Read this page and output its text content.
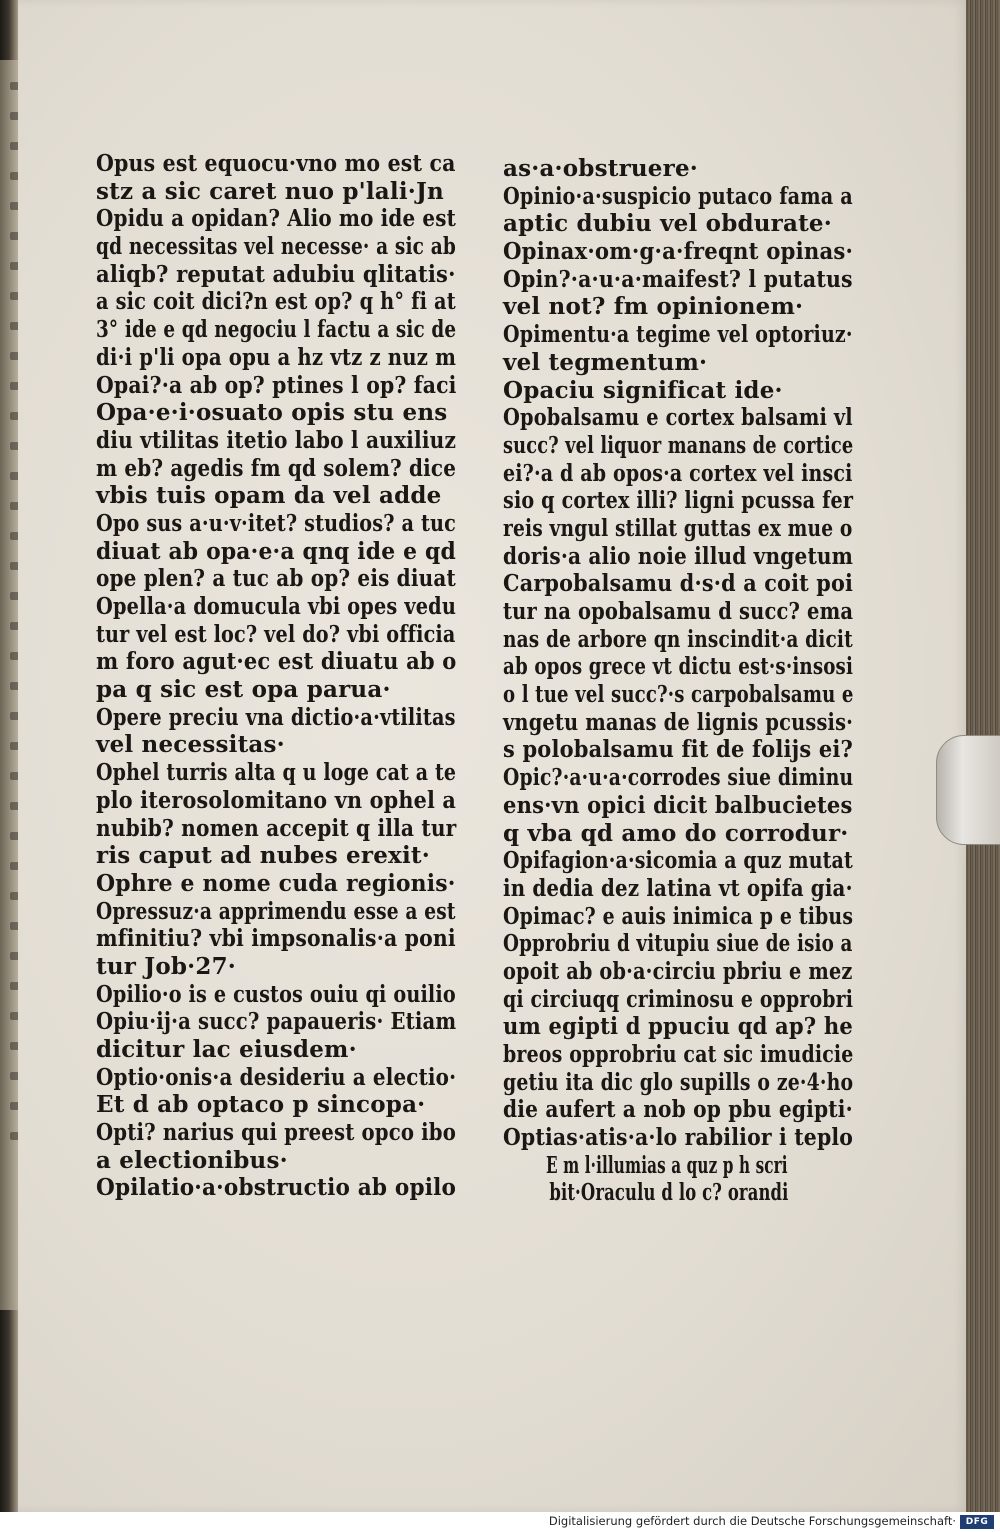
Opus est equocu·vno mo est ca
stz a sic caret nuo p'lali·Jn
Opidu a opidan? Alio mo ide est
qd necessitas vel necesse· a sic ab
aliqb? reputat adubiu qlitatis·
a sic coit dici?n est op? q h° fi at
3° ide e qd negociu l factu a sic de
di·i p'li opa opu a hz vtz z nuz m
Opai?·a ab op? ptines l op? faci
Opa·e·i·osuato opis stu ens
diu vtilitas itetio labo l auxiliuz
m eb? agedis fm qd solem? dice
vbis tuis opam da vel adde
Opo sus a·u·v·itet? studios? a tuc
diuat ab opa·e·a qnq ide e qd
ope plen? a tuc ab op? eis diuat
Opella·a domucula vbi opes vedu
tur vel est loc? vel do? vbi officia
m foro agut·ec est diuatu ab o
pa q sic est opa parua·
Opere preciu vna dictio·a·vtilitas
vel necessitas·
Ophel turris alta q u loge cat a te
plo iterosolomitano vn ophel a
nubib? nomen accepit q illa tur
ris caput ad nubes erexit·
Ophre e nome cuda regionis·
Opressuz·a apprimendu esse a est
mfinitiu? vbi impsonalis·a poni
tur Job·27·
Opilio·o is e custos ouiu qi ouilio
Opiu·ij·a succ? papaueris· Etiam
dicitur lac eiusdem·
Optio·onis·a desideriu a electio·
Et d ab optaco p sincopa·
Opti? narius qui preest opco ibo
a electionibus·
Opilatio·a·obstructio ab opilo
as·a·obstruere·
Opinio·a·suspicio putaco fama a
aptic dubiu vel obdurate·
Opinax·om·g·a·freqnt opinas·
Opin?·a·u·a·maifest? l putatus
vel not? fm opinionem·
Opimentu·a tegime vel optoriuz·
vel tegmentum·
Opaciu significat ide·
Opobalsamu e cortex balsami vl
succ? vel liquor manans de cortice
ei?·a d ab opos·a cortex vel insci
sio q cortex illi? ligni pcussa fer
reis vngul stillat guttas ex mue o
doris·a alio noie illud vngetum
Carpobalsamu d·s·d a coit poi
tur na opobalsamu d succ? ema
nas de arbore qn inscindit·a dicit
ab opos grece vt dictu est·s·insosi
o l tue vel succ?·s carpobalsamu e
vngetu manas de lignis pcussis·
s polobalsamu fit de folijs ei?
Opic?·a·u·a·corrodes siue diminu
ens·vn opici dicit balbucietes
q vba qd amo do corrodur·
Opifagion·a·sicomia a quz mutat
in dedia dez latina vt opifa gia·
Opimac? e auis inimica p e tibus
Opprobriu d vitupiu siue de isio a
opoit ab ob·a·circiu pbriu e mez
qi circiuqq criminosu e opprobri
um egipti d ppuciu qd ap? he
breos opprobriu cat sic imudicie
getiu ita dic glo supills o ze·4·ho
die aufert a nob op pbu egipti·
Optias·atis·a·lo rabilior i teplo
E m l·illumias a quz p h scri
bit·Oraculu d lo c? orandi
Digitalisierung gefördert durch die Deutsche Forschungsgemeinschaft·	DFG
